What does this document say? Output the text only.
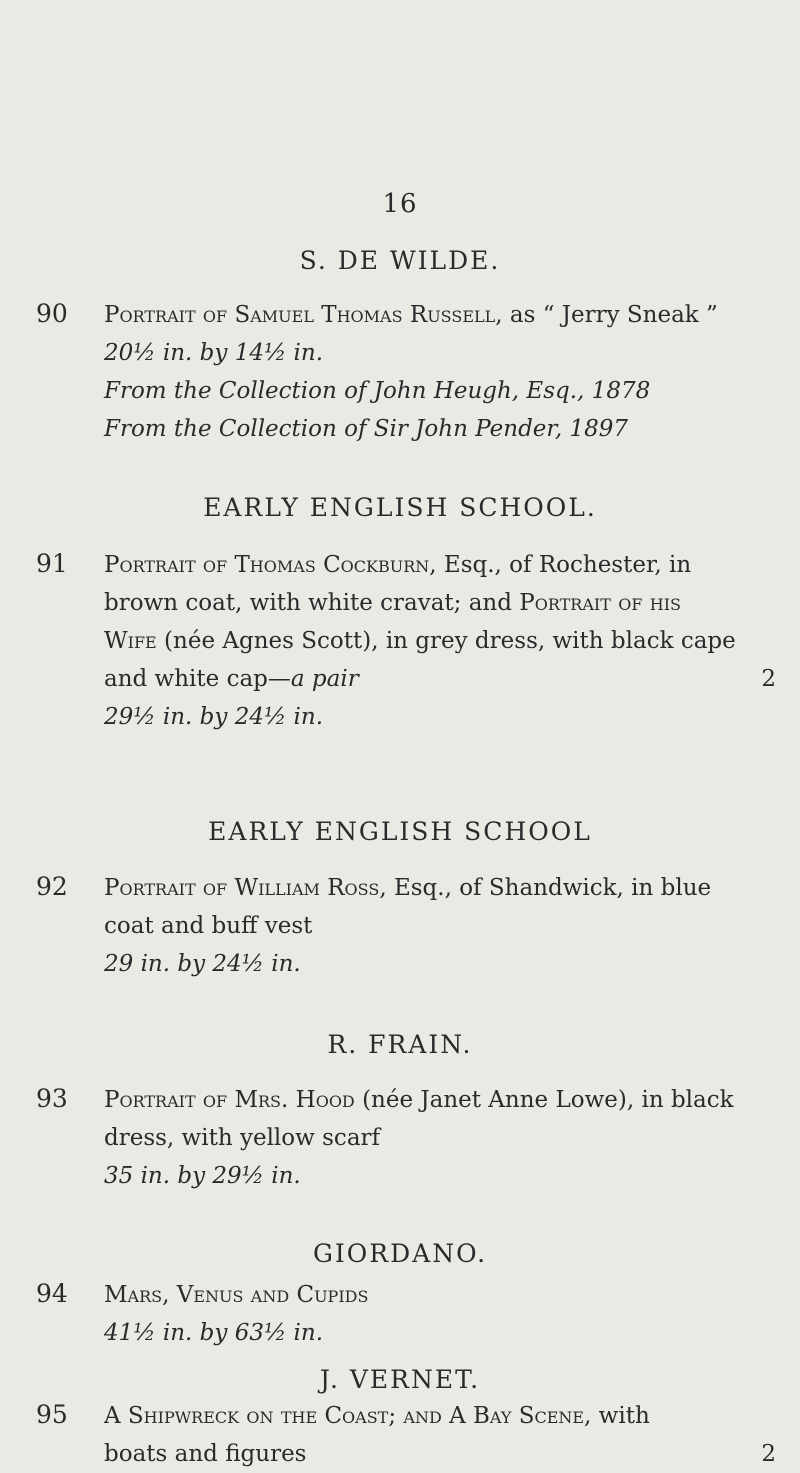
16
S. DE WILDE.
90 Portrait of Samuel Thomas Russell, as “ Jerry Sneak ”
20½ in. by 14½ in.
From the Collection of John Heugh, Esq., 1878
From the Collection of Sir John Pender, 1897
EARLY ENGLISH SCHOOL.
91 Portrait of Thomas Cockburn, Esq., of Rochester, in
brown coat, with white cravat; and Portrait of his
Wife (née Agnes Scott), in grey dress, with black cape
and white cap—a pair	2
29½ in. by 24½ in.
EARLY ENGLISH SCHOOL
92 Portrait of William Ross, Esq., of Shandwick, in blue
coat and buff vest
29 in. by 24½ in.
R. FRAIN.
93 Portrait of Mrs. Hood (née Janet Anne Lowe), in black
dress, with yellow scarf
35 in. by 29½ in.
GIORDANO.
94 Mars, Venus and Cupids
41½ in. by 63½ in.
J. VERNET.
95 A Shipwreck on the Coast; and A Bay Scene, with
boats and figures	2
